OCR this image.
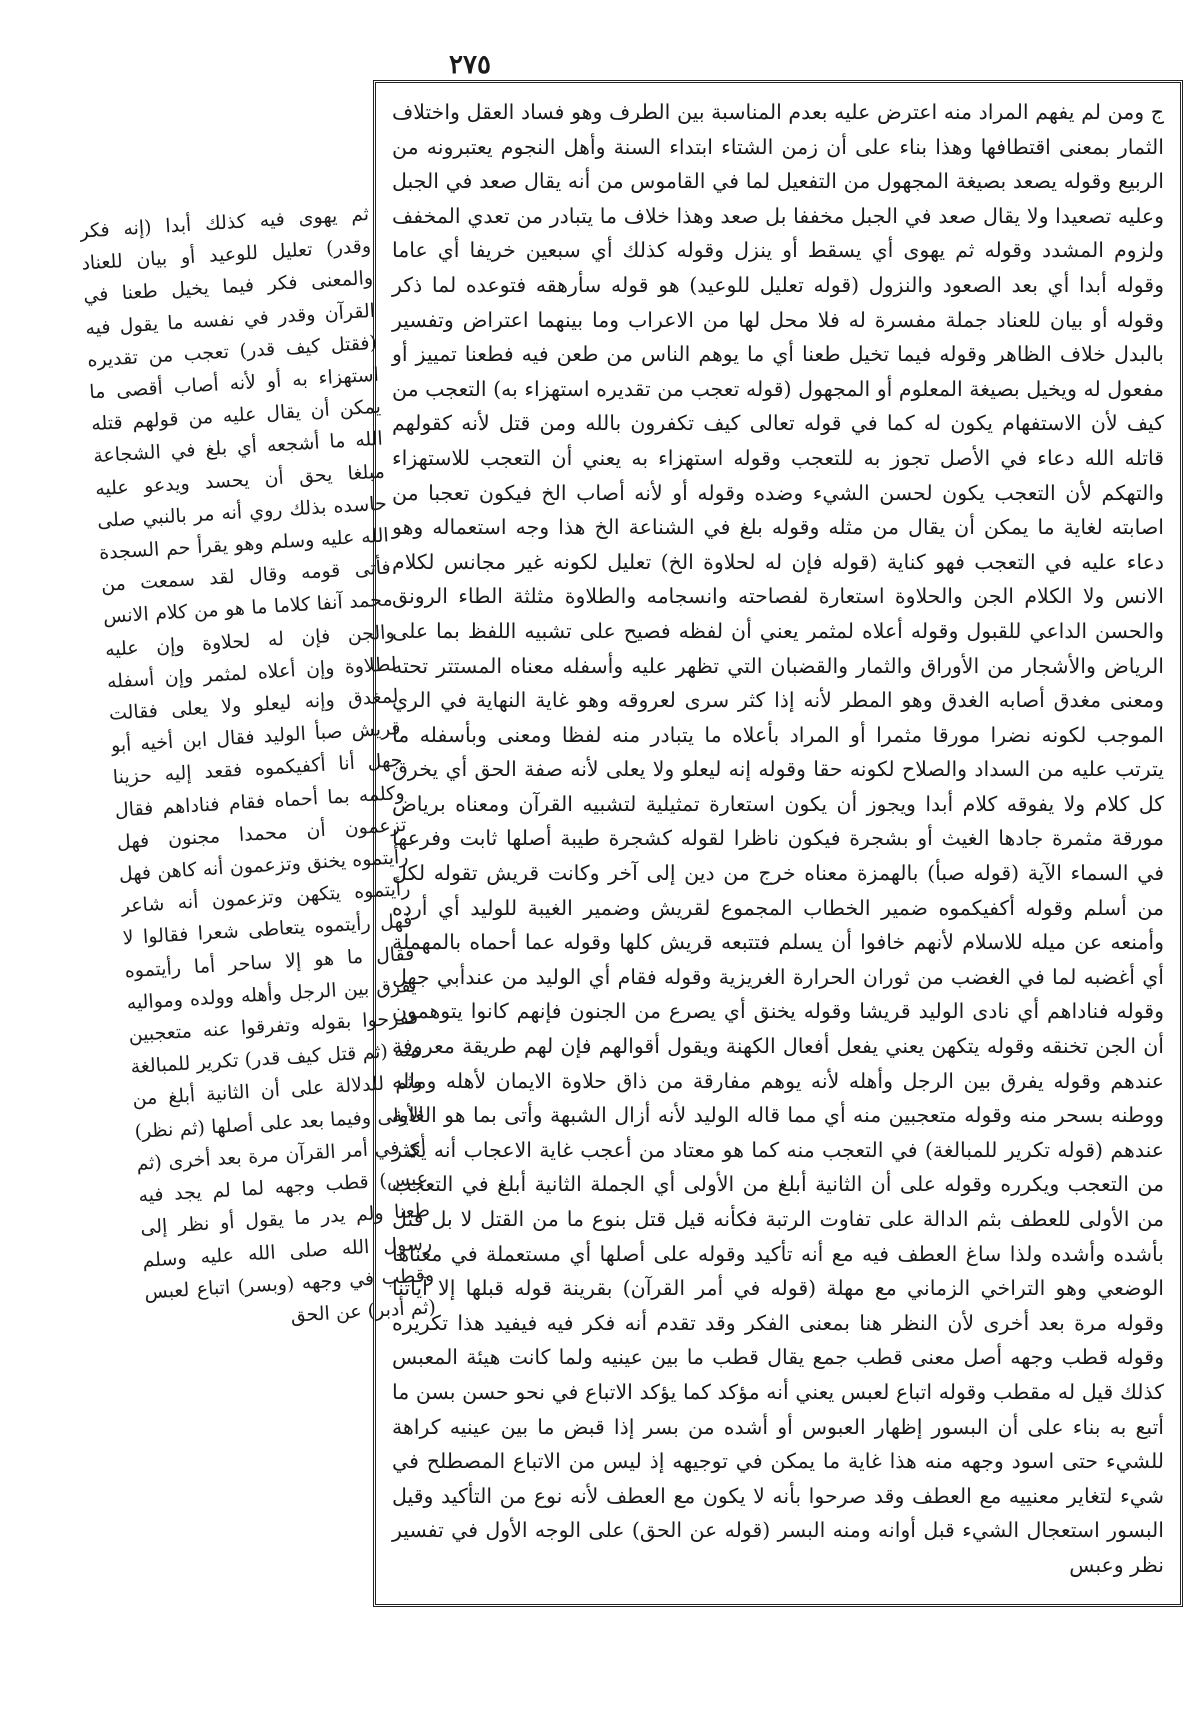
٢٧٥

ج ومن لم يفهم المراد منه اعترض عليه بعدم المناسبة بين الطرف وهو فساد العقل واختلاف الثمار بمعنى اقتطافها وهذا بناء على أن زمن الشتاء ابتداء السنة وأهل النجوم يعتبرونه من الربيع وقوله يصعد بصيغة المجهول من التفعيل لما في القاموس من أنه يقال صعد في الجبل وعليه تصعيدا ولا يقال صعد في الجبل مخففا بل صعد وهذا خلاف ما يتبادر من تعدي المخفف ولزوم المشدد وقوله ثم يهوى أي يسقط أو ينزل وقوله كذلك أي سبعين خريفا أي عاما وقوله أبدا أي بعد الصعود والنزول (قوله تعليل للوعيد) هو قوله سأرهقه فتوعده لما ذكر وقوله أو بيان للعناد جملة مفسرة له فلا محل لها من الاعراب وما بينهما اعتراض وتفسير بالبدل خلاف الظاهر وقوله فيما تخيل طعنا أي ما يوهم الناس من طعن فيه فطعنا تمييز أو مفعول له ويخيل بصيغة المعلوم أو المجهول (قوله تعجب من تقديره استهزاء به) التعجب من كيف لأن الاستفهام يكون له كما في قوله تعالى كيف تكفرون بالله ومن قتل لأنه كقولهم قاتله الله دعاء في الأصل تجوز به للتعجب وقوله استهزاء به يعني أن التعجب للاستهزاء والتهكم لأن التعجب يكون لحسن الشيء وضده وقوله أو لأنه أصاب الخ فيكون تعجبا من اصابته لغاية ما يمكن أن يقال من مثله وقوله بلغ في الشناعة الخ هذا وجه استعماله وهو دعاء عليه في التعجب فهو كناية (قوله فإن له لحلاوة الخ) تعليل لكونه غير مجانس لكلام الانس ولا الكلام الجن والحلاوة استعارة لفصاحته وانسجامه والطلاوة مثلثة الطاء الرونق والحسن الداعي للقبول وقوله أعلاه لمثمر يعني أن لفظه فصيح على تشبيه اللفظ بما على الرياض والأشجار من الأوراق والثمار والقضبان التي تظهر عليه وأسفله معناه المستتر تحته ومعنى مغدق أصابه الغدق وهو المطر لأنه إذا كثر سرى لعروقه وهو غاية النهاية في الري الموجب لكونه نضرا مورقا مثمرا أو المراد بأعلاه ما يتبادر منه لفظا ومعنى وبأسفله ما يترتب عليه من السداد والصلاح لكونه حقا وقوله إنه ليعلو ولا يعلى لأنه صفة الحق أي يخرق كل كلام ولا يفوقه كلام أبدا ويجوز أن يكون استعارة تمثيلية لتشبيه القرآن ومعناه برياض مورقة مثمرة جادها الغيث أو بشجرة فيكون ناظرا لقوله كشجرة طيبة أصلها ثابت وفرعها في السماء الآية (قوله صبأ) بالهمزة معناه خرج من دين إلى آخر وكانت قريش تقوله لكل من أسلم وقوله أكفيكموه ضمير الخطاب المجموع لقريش وضمير الغيبة للوليد أي أرده وأمنعه عن ميله للاسلام لأنهم خافوا أن يسلم فتتبعه قريش كلها وقوله عما أحماه بالمهملة أي أغضبه لما في الغضب من ثوران الحرارة الغريزية وقوله فقام أي الوليد من عندأبي جهل وقوله فناداهم أي نادى الوليد قريشا وقوله يخنق أي يصرع من الجنون فإنهم كانوا يتوهمون أن الجن تخنقه وقوله يتكهن يعني يفعل أفعال الكهنة ويقول أقوالهم فإن لهم طريقة معروفة عندهم وقوله يفرق بين الرجل وأهله لأنه يوهم مفارقة من ذاق حلاوة الايمان لأهله وماله ووطنه بسحر منه وقوله متعجبين منه أي مما قاله الوليد لأنه أزال الشبهة وأتى بما هو الغاية عندهم (قوله تكرير للمبالغة) في التعجب منه كما هو معتاد من أعجب غاية الاعجاب أنه يكثر من التعجب ويكرره وقوله على أن الثانية أبلغ من الأولى أي الجملة الثانية أبلغ في التعجب من الأولى للعطف بثم الدالة على تفاوت الرتبة فكأنه قيل قتل بنوع ما من القتل لا بل قتل بأشده وأشده ولذا ساغ العطف فيه مع أنه تأكيد وقوله على أصلها أي مستعملة في معناها الوضعي وهو التراخي الزماني مع مهلة (قوله في أمر القرآن) بقرينة قوله قبلها إلا آياتنا وقوله مرة بعد أخرى لأن النظر هنا بمعنى الفكر وقد تقدم أنه فكر فيه فيفيد هذا تكريره وقوله قطب وجهه أصل معنى قطب جمع يقال قطب ما بين عينيه ولما كانت هيئة المعبس كذلك قيل له مقطب وقوله اتباع لعبس يعني أنه مؤكد كما يؤكد الاتباع في نحو حسن بسن ما أتبع به بناء على أن البسور إظهار العبوس أو أشده من بسر إذا قبض ما بين عينيه كراهة للشيء حتى اسود وجهه منه هذا غاية ما يمكن في توجيهه إذ ليس من الاتباع المصطلح في شيء لتغاير معنييه مع العطف وقد صرحوا بأنه لا يكون مع العطف لأنه نوع من التأكيد وقيل البسور استعجال الشيء قبل أوانه ومنه البسر (قوله عن الحق) على الوجه الأول في تفسير نظر وعبس

ثم يهوى فيه كذلك أبدا (إنه فكر وقدر) تعليل للوعيد أو بيان للعناد والمعنى فكر فيما يخيل طعنا في القرآن وقدر في نفسه ما يقول فيه (فقتل كيف قدر) تعجب من تقديره استهزاء به أو لأنه أصاب أقصى ما يمكن أن يقال عليه من قولهم قتله الله ما أشجعه أي بلغ في الشجاعة مبلغا يحق أن يحسد ويدعو عليه حاسده بذلك روي أنه مر بالنبي صلى الله عليه وسلم وهو يقرأ حم السجدة فأتى قومه وقال لقد سمعت من محمد آنفا كلاما ما هو من كلام الانس والجن فإن له لحلاوة وإن عليه لطلاوة وإن أعلاه لمثمر وإن أسفله لمغدق وإنه ليعلو ولا يعلى فقالت قريش صبأ الوليد فقال ابن أخيه أبو جهل أنا أكفيكموه فقعد إليه حزينا وكلمه بما أحماه فقام فناداهم فقال تزعمون أن محمدا مجنون فهل رأيتموه يخنق وتزعمون أنه كاهن فهل رأيتموه يتكهن وتزعمون أنه شاعر فهل رأيتموه يتعاطى شعرا فقالوا لا فقال ما هو إلا ساحر أما رأيتموه يفرق بين الرجل وأهله وولده ومواليه ففرحوا بقوله وتفرقوا عنه متعجبين منه (ثم قتل كيف قدر) تكرير للمبالغة وثم للدلالة على أن الثانية أبلغ من الأولى وفيما بعد على أصلها (ثم نظر) أي في أمر القرآن مرة بعد أخرى (ثم عبس) قطب وجهه لما لم يجد فيه طعنا ولم يدر ما يقول أو نظر إلى رسول الله صلى الله عليه وسلم وقطب في وجهه (وبسر) اتباع لعبس (ثم أدبر) عن الحق
